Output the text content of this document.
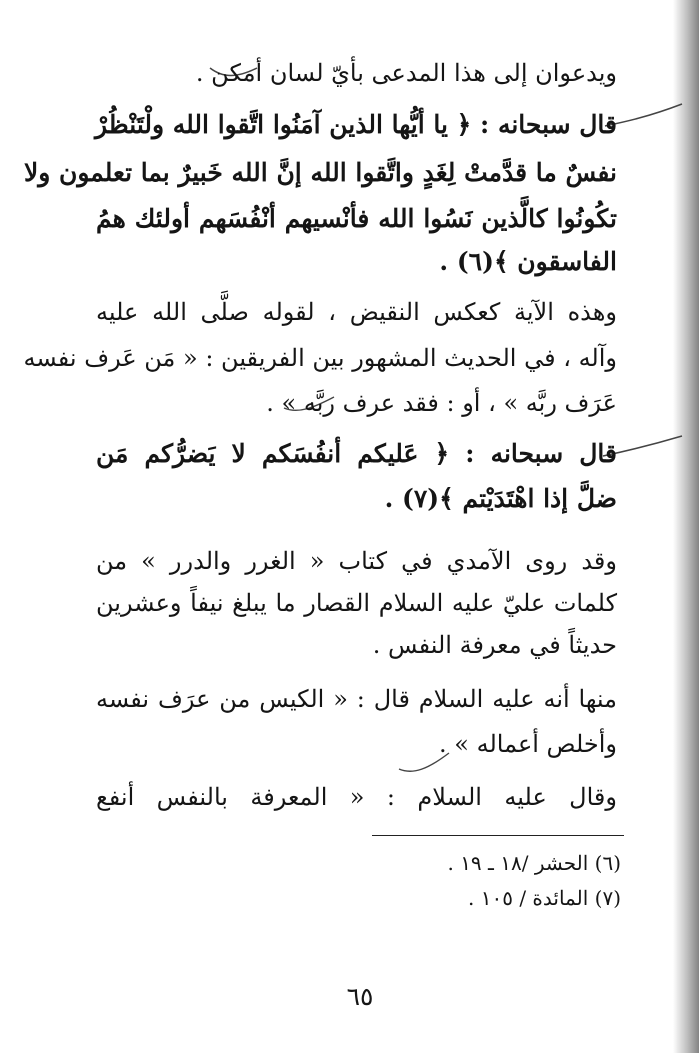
ويدعوان إلى هذا المدعى بأيّ لسان أمكن .
قال سبحانه : ﴿ يا أيُّها الذين آمَنُوا اتَّقوا الله ولْتَنْظُرْ
نفسٌ ما قدَّمتْ لِغَدٍ واتَّقوا الله إنَّ الله خَبيرٌ بما تعلمون ولا
تكُونُوا كالَّذين نَسُوا الله فأنْسيهم أنْفُسَهم أولئك همُ
الفاسقون ﴾(٦) .
وهذه الآية كعكس النقيض ، لقوله صلَّى الله عليه
وآله ، في الحديث المشهور بين الفريقين : « مَن عَرف نفسه
عَرَف ربَّه » ، أو : فقد عرف ربَّه » .
قال سبحانه : ﴿ عَليكم أنفُسَكم لا يَضرُّكم مَن
ضلَّ إذا اهْتَدَيْتم ﴾(٧) .
وقد روى الآمدي في كتاب « الغرر والدرر » من
كلمات عليّ عليه السلام القصار ما يبلغ نيفاً وعشرين
حديثاً في معرفة النفس .
منها أنه عليه السلام قال : « الكيس من عرَف نفسه
وأخلص أعماله » .
وقال عليه السلام : « المعرفة بالنفس أنفع
(٦) الحشر /١٨ ـ ١٩ .
(٧) المائدة / ١٠٥ .
٦٥
